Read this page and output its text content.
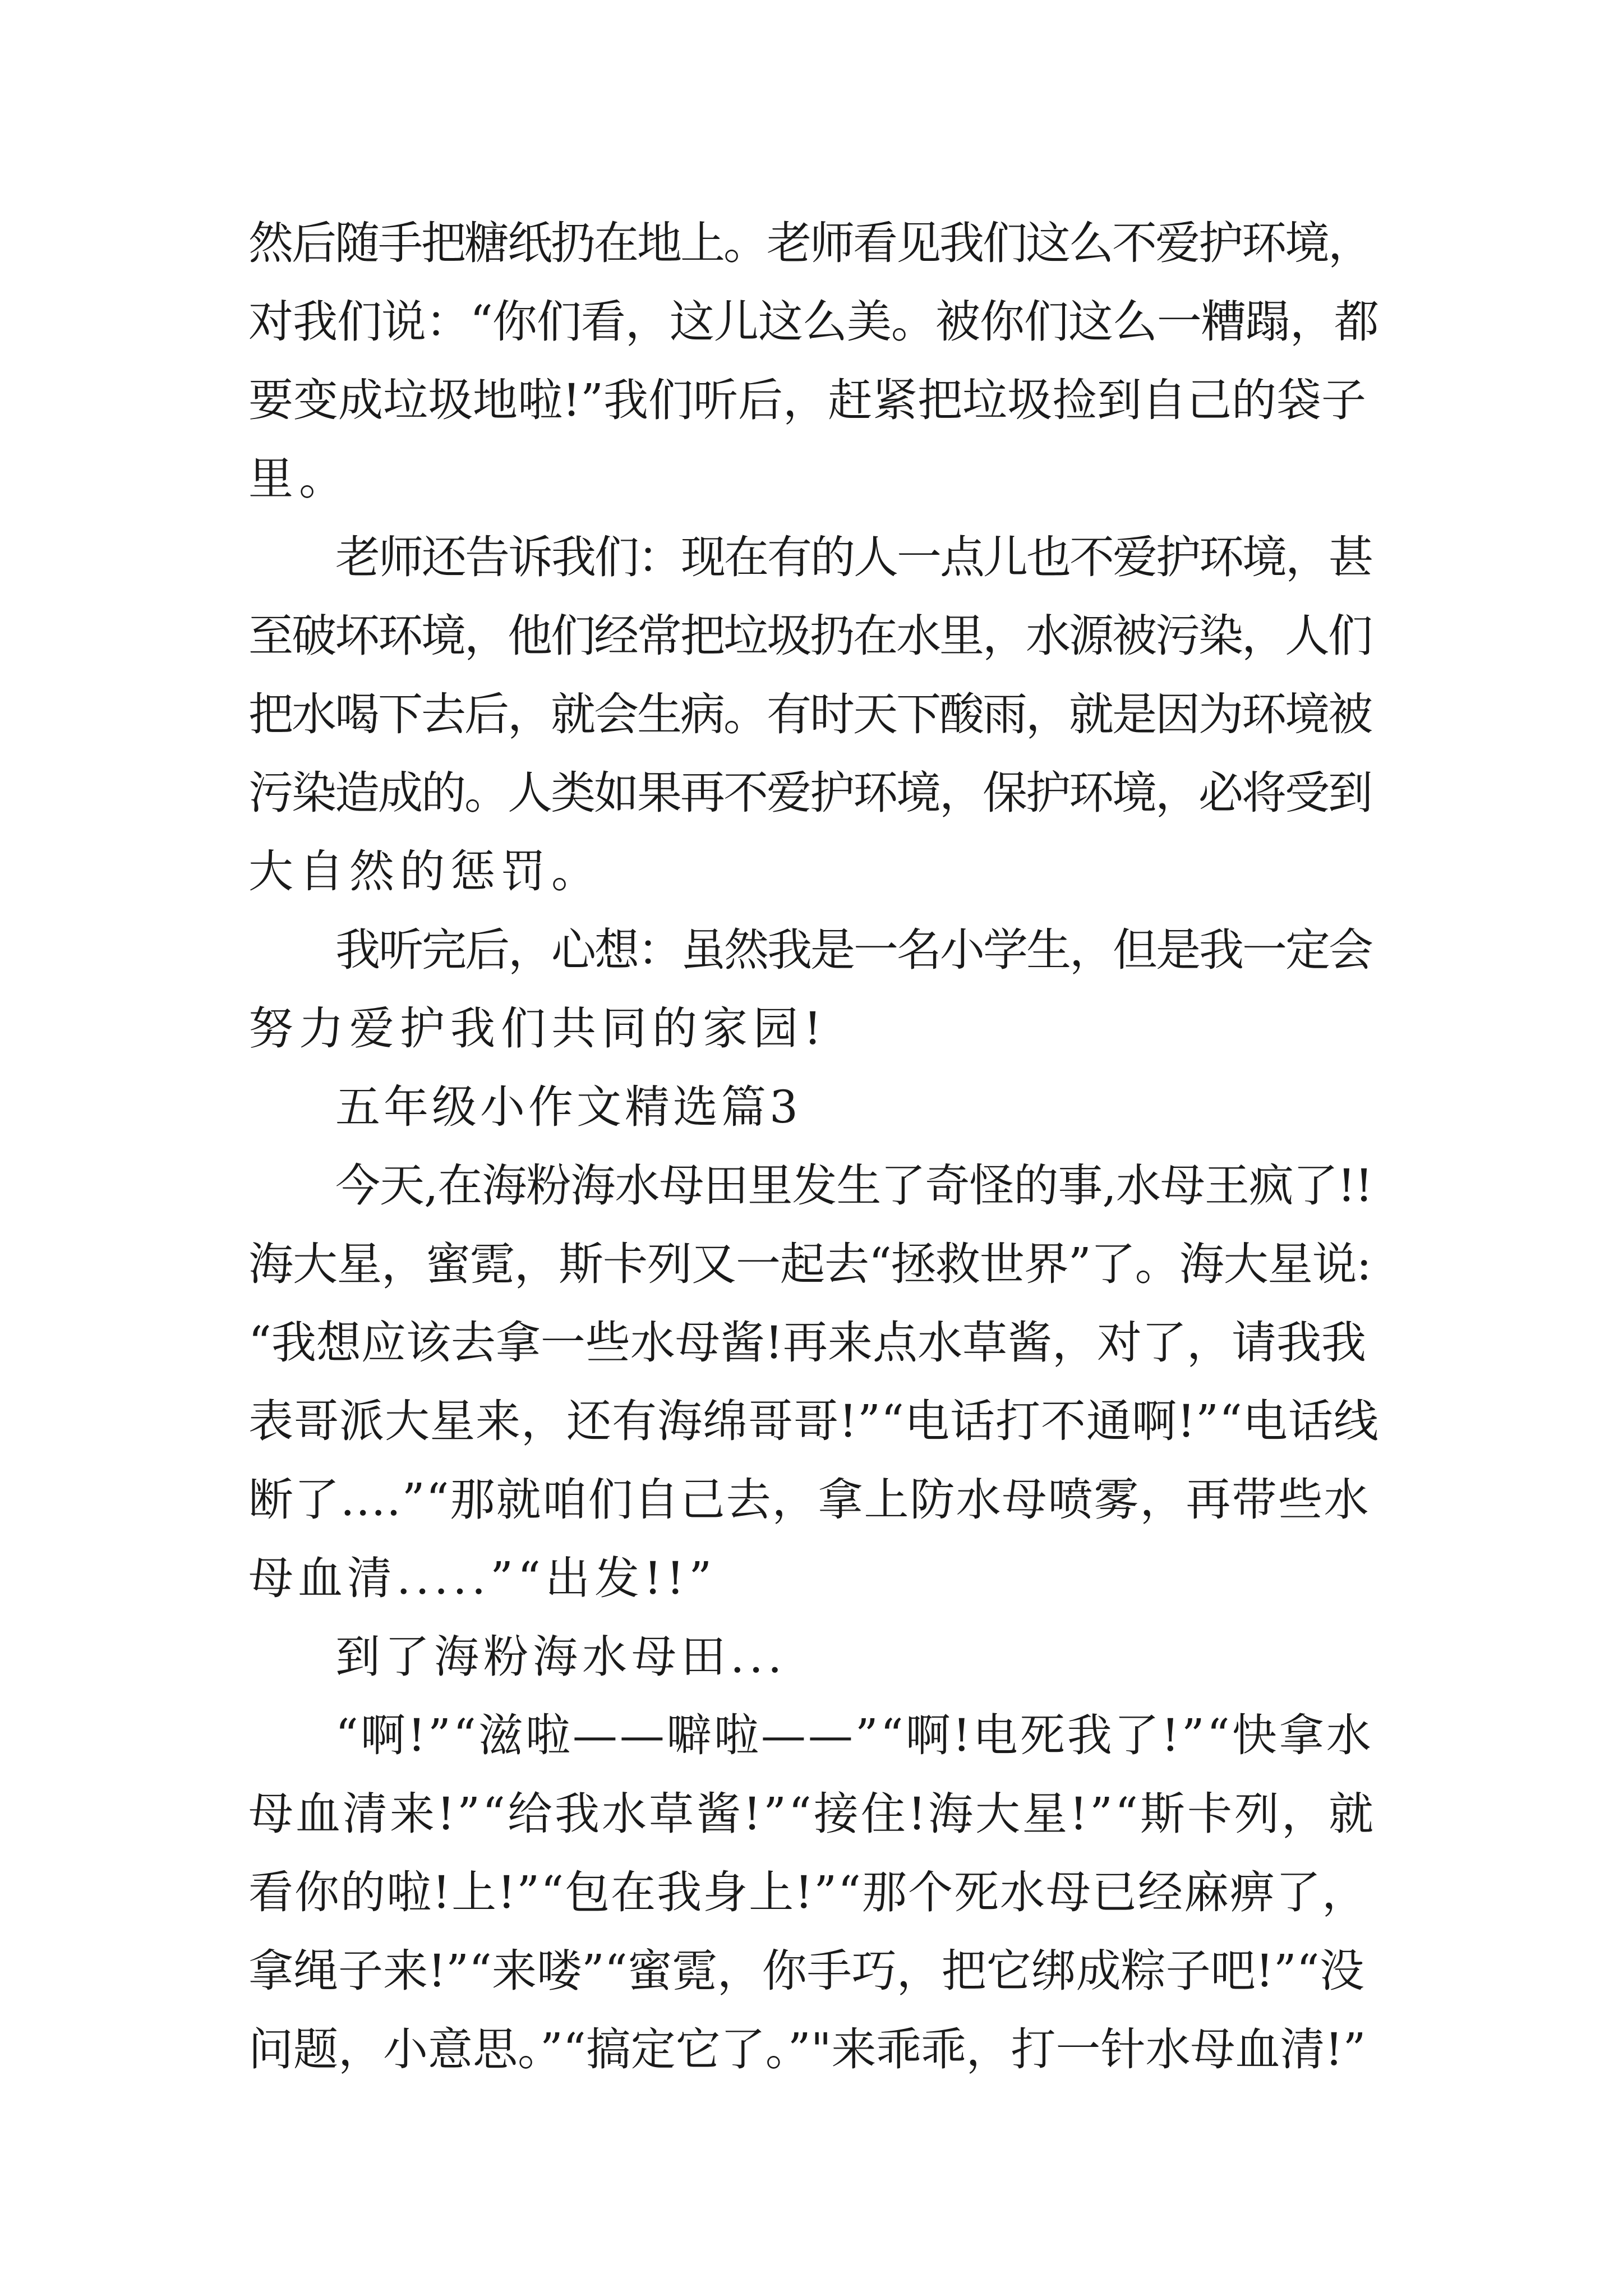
然后随手把糖纸扔在地上。老师看见我们这么不爱护环境，
对我们说：“你们看，这儿这么美。被你们这么一糟蹋，都
要变成垃圾地啦!”我们听后，赶紧把垃圾捡到自己的袋子
里。
老师还告诉我们：现在有的人一点儿也不爱护环境，甚
至破坏环境，他们经常把垃圾扔在水里，水源被污染，人们
把水喝下去后，就会生病。有时天下酸雨，就是因为环境被
污染造成的。人类如果再不爱护环境，保护环境，必将受到
大自然的惩罚。
我听完后，心想：虽然我是一名小学生，但是我一定会
努力爱护我们共同的家园!
五年级小作文精选篇3
今天,在海粉海水母田里发生了奇怪的事,水母王疯了!!
海大星，蜜霓，斯卡列又一起去“拯救世界”了。海大星说:
“我想应该去拿一些水母酱!再来点水草酱，对了，请我我
表哥派大星来，还有海绵哥哥!”“电话打不通啊!”“电话线
断了....”“那就咱们自己去，拿上防水母喷雾，再带些水
母血清.....”“出发!!”
到了海粉海水母田...
“啊!”“滋啦——噼啦——”“啊!电死我了!”“快拿水
母血清来!”“给我水草酱!”“接住!海大星!”“斯卡列，就
看你的啦!上!”“包在我身上!”“那个死水母已经麻痹了，
拿绳子来!”“来喽”“蜜霓，你手巧，把它绑成粽子吧!”“没
问题，小意思。”“搞定它了。”"来乖乖，打一针水母血清!”
